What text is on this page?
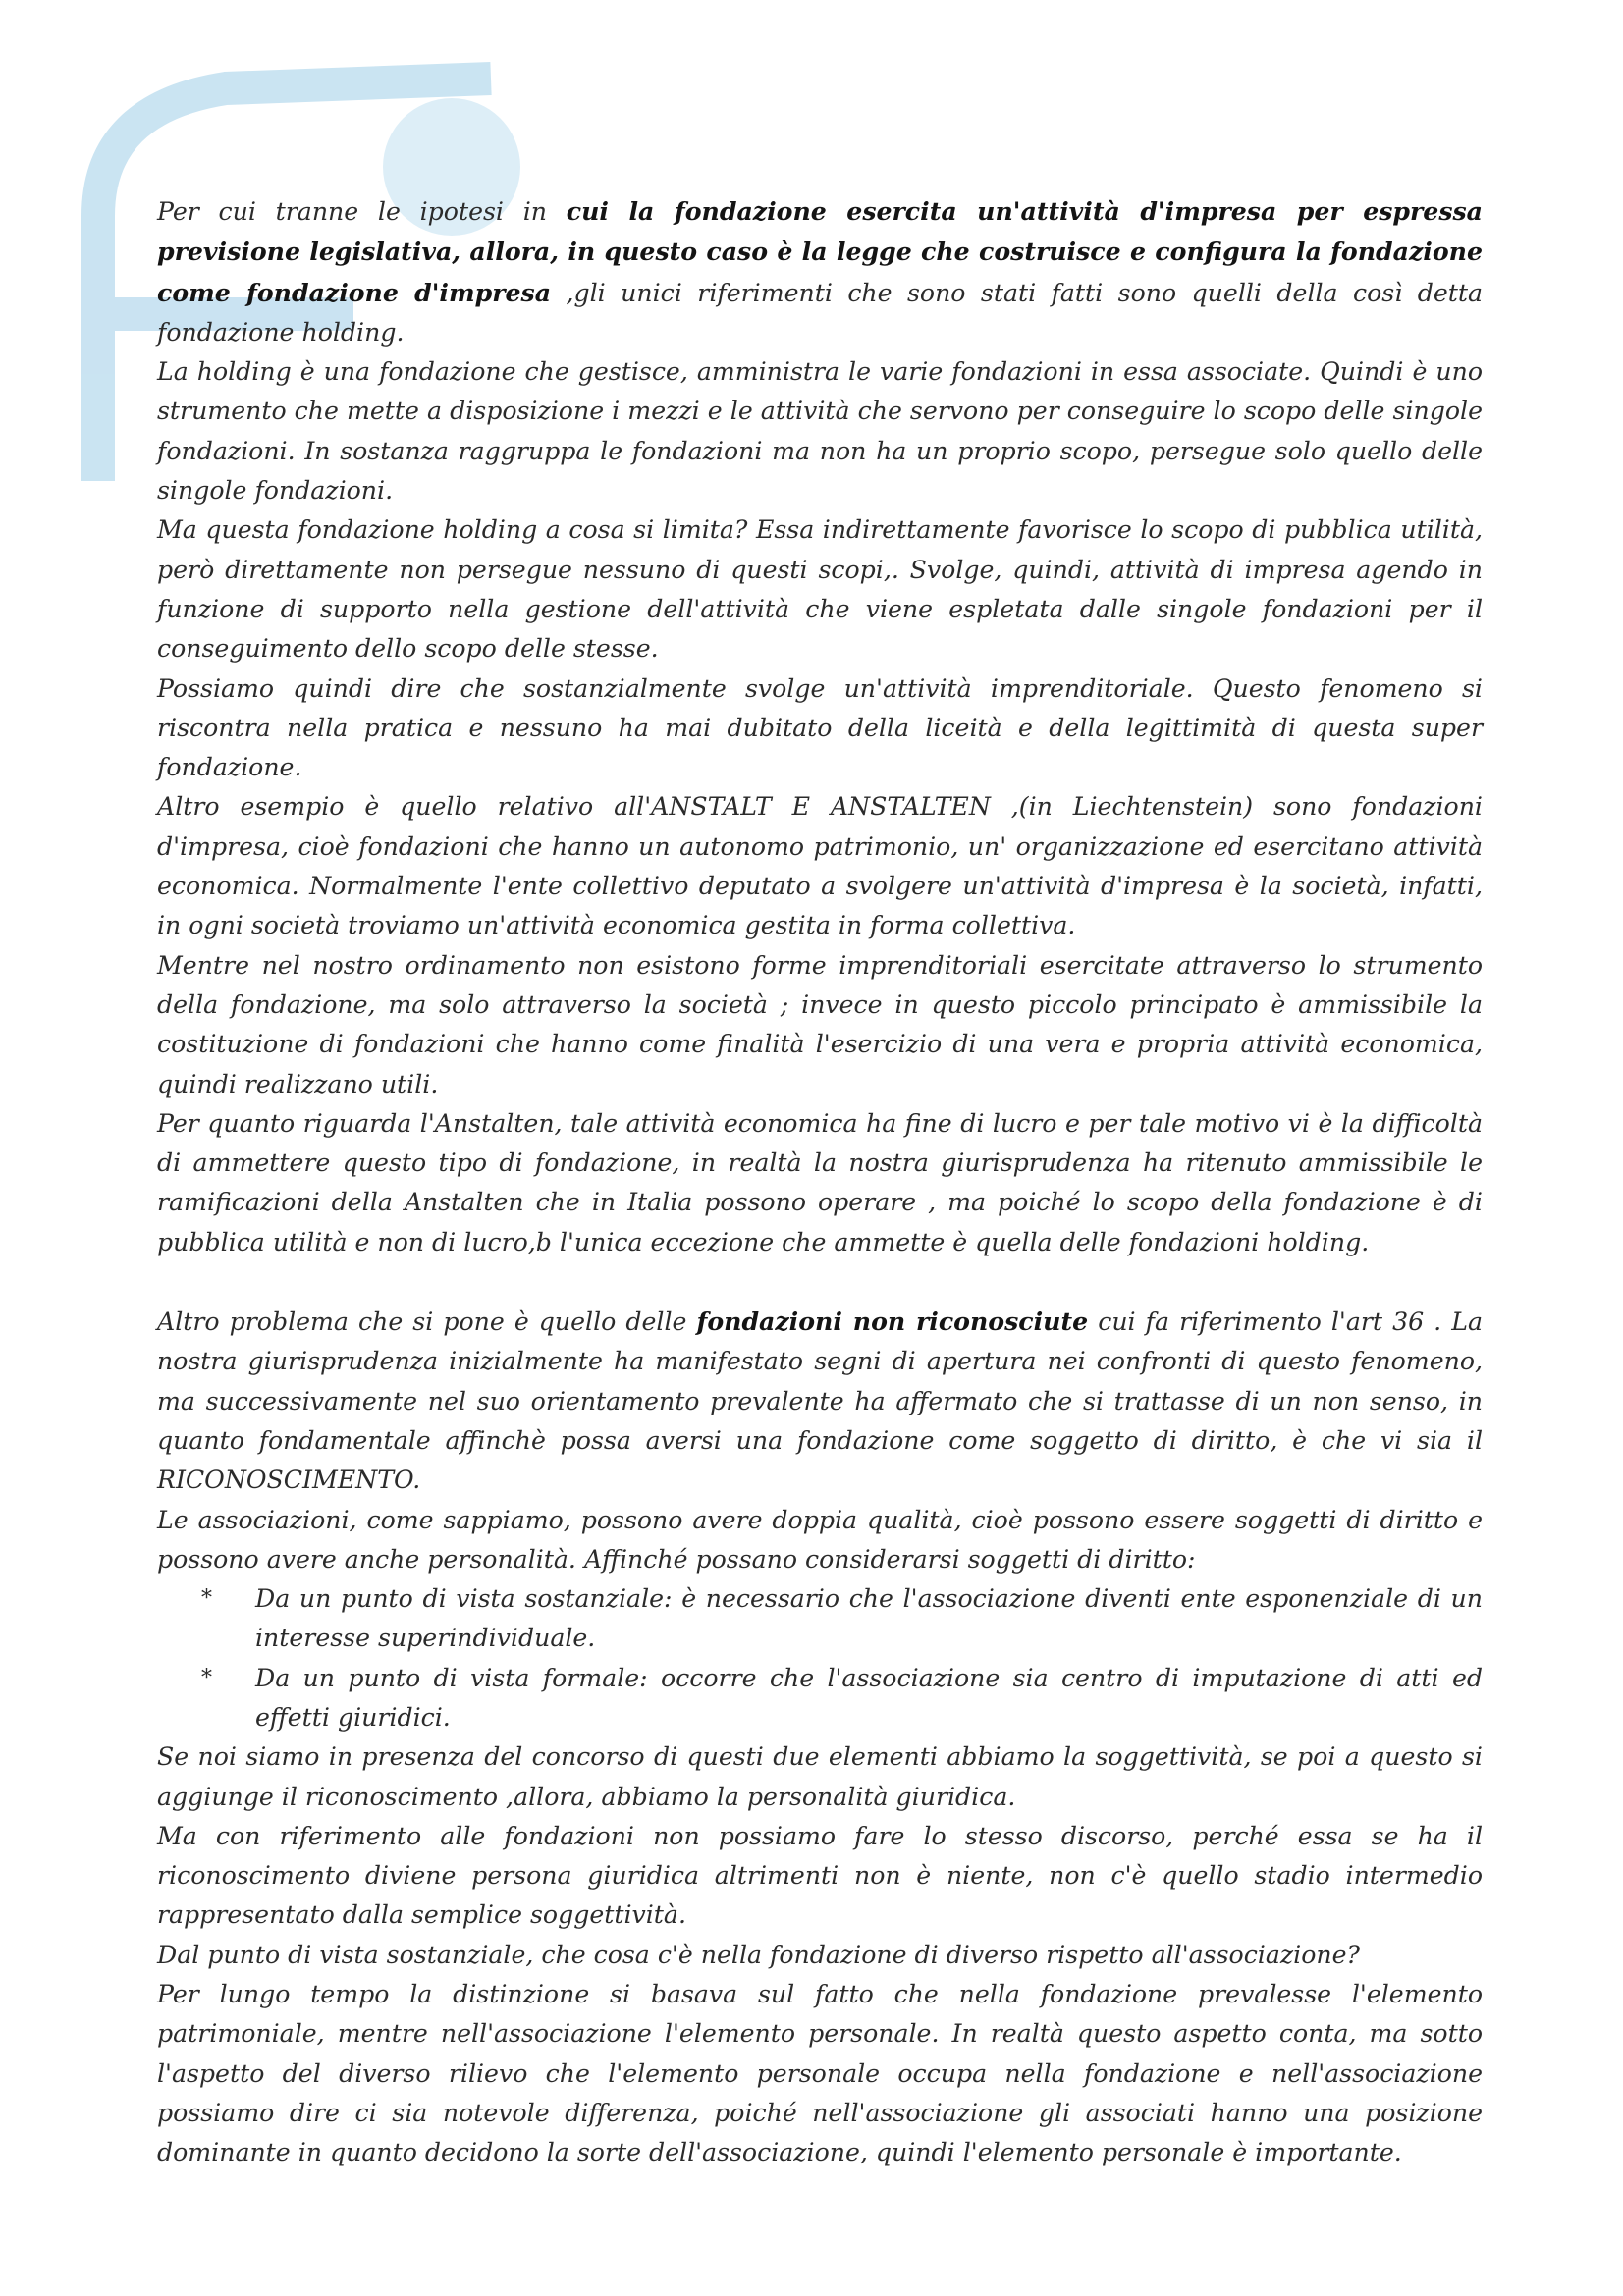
Per cui tranne le ipotesi in cui la fondazione esercita un'attività d'impresa per espressa previsione legislativa, allora, in questo caso è la legge che costruisce e configura la fondazione come fondazione d'impresa ,gli unici riferimenti che sono stati fatti sono quelli della così detta fondazione holding.

La holding è una fondazione che gestisce, amministra le varie fondazioni in essa associate. Quindi è uno strumento che mette a disposizione i mezzi e le attività che servono per conseguire lo scopo delle singole fondazioni. In sostanza raggruppa le fondazioni ma non ha un proprio scopo, persegue solo quello delle singole fondazioni.

Ma questa fondazione holding a cosa si limita? Essa indirettamente favorisce lo scopo di pubblica utilità, però direttamente non persegue nessuno di questi scopi,. Svolge, quindi, attività di impresa agendo in funzione di supporto nella gestione dell'attività che viene espletata dalle singole fondazioni per il conseguimento dello scopo delle stesse.

Possiamo quindi dire che sostanzialmente svolge un'attività imprenditoriale. Questo fenomeno si riscontra nella pratica e nessuno ha mai dubitato della liceità e della legittimità di questa super fondazione.

Altro esempio è quello relativo all'ANSTALT E ANSTALTEN ,(in Liechtenstein) sono fondazioni d'impresa, cioè fondazioni che hanno un autonomo patrimonio, un' organizzazione ed esercitano attività economica. Normalmente l'ente collettivo deputato a svolgere un'attività d'impresa è la società, infatti, in ogni società troviamo un'attività economica gestita in forma collettiva.

Mentre nel nostro ordinamento non esistono forme imprenditoriali esercitate attraverso lo strumento della fondazione, ma solo attraverso la società ; invece in questo piccolo principato è ammissibile la costituzione di fondazioni che hanno come finalità l'esercizio di una vera e propria attività economica, quindi realizzano utili.

Per quanto riguarda l'Anstalten, tale attività economica ha fine di lucro e per tale motivo vi è la difficoltà di ammettere questo tipo di fondazione, in realtà la nostra giurisprudenza ha ritenuto ammissibile le ramificazioni della Anstalten che in Italia possono operare , ma poiché lo scopo della fondazione è di pubblica utilità e non di lucro,b l'unica eccezione che ammette è quella delle fondazioni holding.

Altro problema che si pone è quello delle fondazioni non riconosciute cui fa riferimento l'art 36 . La nostra giurisprudenza inizialmente ha manifestato segni di apertura nei confronti di questo fenomeno, ma successivamente nel suo orientamento prevalente ha affermato che si trattasse di un non senso, in quanto fondamentale affinchè possa aversi una fondazione come soggetto di diritto, è che vi sia il RICONOSCIMENTO.

Le associazioni, come sappiamo, possono avere doppia qualità, cioè possono essere soggetti di diritto e possono avere anche personalità. Affinché possano considerarsi soggetti di diritto:

* Da un punto di vista sostanziale: è necessario che l'associazione diventi ente esponenziale di un interesse superindividuale.
* Da un punto di vista formale: occorre che l'associazione sia centro di imputazione di atti ed effetti giuridici.

Se noi siamo in presenza del concorso di questi due elementi abbiamo la soggettività, se poi a questo si aggiunge il riconoscimento ,allora, abbiamo la personalità giuridica.

Ma con riferimento alle fondazioni non possiamo fare lo stesso discorso, perché essa se ha il riconoscimento diviene persona giuridica altrimenti non è niente, non c'è quello stadio intermedio rappresentato dalla semplice soggettività.

Dal punto di vista sostanziale, che cosa c'è nella fondazione di diverso rispetto all'associazione?

Per lungo tempo la distinzione si basava sul fatto che nella fondazione prevalesse l'elemento patrimoniale, mentre nell'associazione l'elemento personale. In realtà questo aspetto conta, ma sotto l'aspetto del diverso rilievo che l'elemento personale occupa nella fondazione e nell'associazione possiamo dire ci sia notevole differenza, poiché nell'associazione gli associati hanno una posizione dominante in quanto decidono la sorte dell'associazione, quindi l'elemento personale è importante.
